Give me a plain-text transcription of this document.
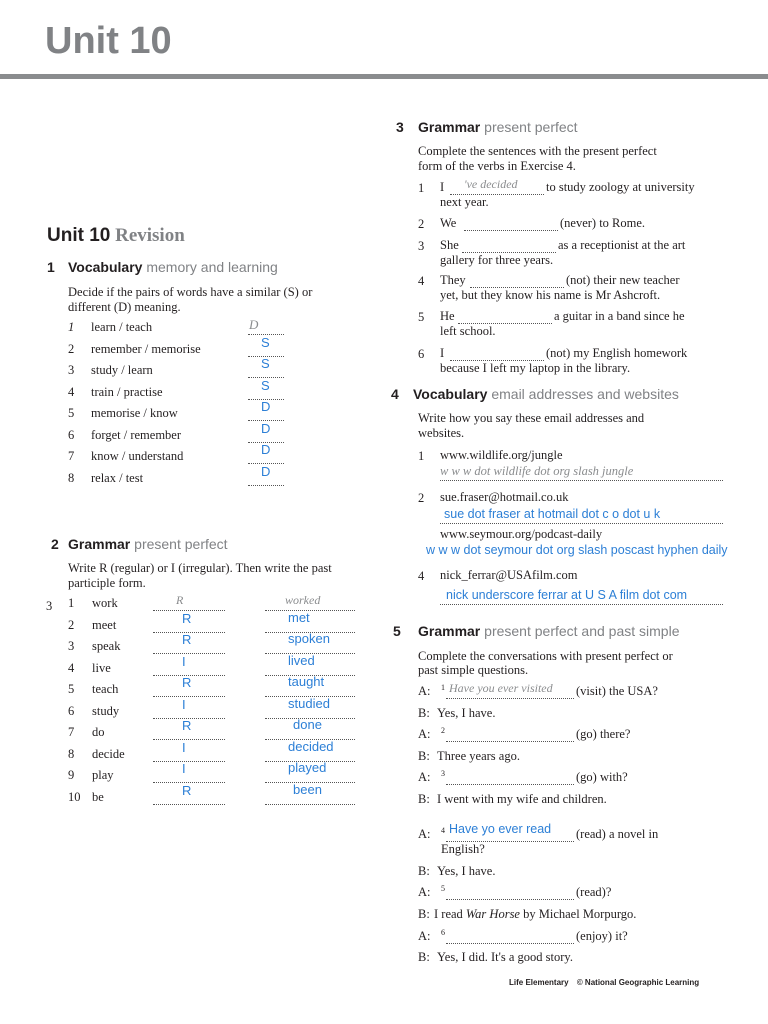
Unit 10
Unit 10 Revision
1 Vocabulary memory and learning
Decide if the pairs of words have a similar (S) or
different (D) meaning.
2 Grammar present perfect
Write R (regular) or I (irregular). Then write the past
participle form.
3
3 Grammar present perfect
Complete the sentences with the present perfect
form of the verbs in Exercise 4.
4 Vocabulary email addresses and websites
Write how you say these email addresses and
websites.
5 Grammar present perfect and past simple
Complete the conversations with present perfect or
past simple questions.
Life Elementary © National Geographic Learning
1 learn / teach	D
2 remember / memorise	S
3 study / learn	S
4 train / practise	S
5 memorise / know	D
6 forget / remember	D
7 know / understand	D
8 relax / test	D
1 work	R	worked
2 meet	R	met
3 speak	R	spoken
4 live	I	lived
5 teach	R	taught
6 study	I	studied
7 do	R	done
8 decide	I	decided
9 play	I	played
10 be	R	been
1 I 've decided to study zoology at university
next year.
2 We	(never) to Rome.
3 She	as a receptionist at the art
gallery for three years.
4 They	(not) their new teacher
yet, but they know his name is Mr Ashcroft.
5 He	a guitar in a band since he
left school.
6 I	(not) my English homework
because I left my laptop in the library.
1 www.wildlife.org/jungle
w w w dot wildlife dot org slash jungle
2 sue.fraser@hotmail.co.uk
sue dot fraser at hotmail dot c o dot u k
www.seymour.org/podcast-daily
w w w dot seymour dot org slash poscast hyphen daily
4 nick_ferrar@USAfilm.com
nick underscore ferrar at U S A film dot com
A: 1 Have you ever visited (visit) the USA?
B: Yes, I have.
A: 2	(go) there?
B: Three years ago.
A: 3	(go) with?
B: I went with my wife and children.
A: 4 Have yo ever read (read) a novel in
English?
B: Yes, I have.
A: 5	(read)?
B: I read War Horse by Michael Morpurgo.
A: 6	(enjoy) it?
B: Yes, I did. It's a good story.
